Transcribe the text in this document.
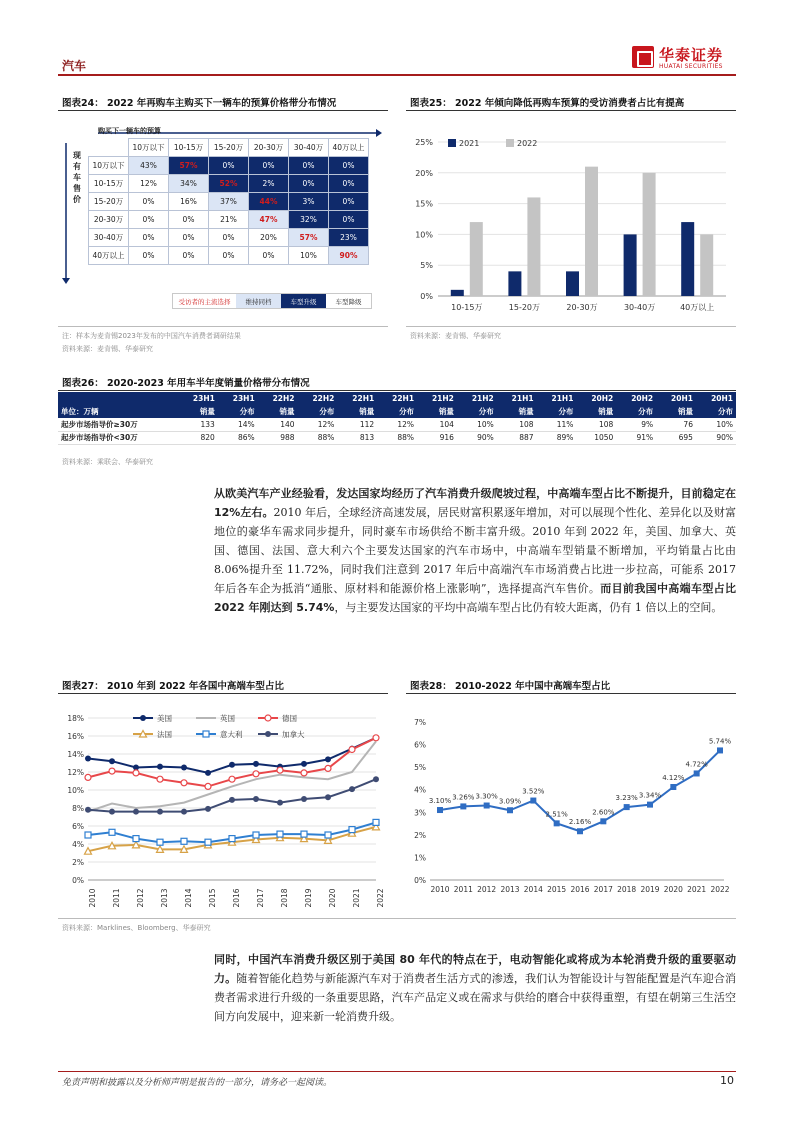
汽车
华泰证券
HUATAI SECURITIES
图表24： 2022 年再购车主购买下一辆车的预算价格带分布情况
购买下一辆车的预算
现有车售价
	10万以下	10-15万	15-20万	20-30万	30-40万	40万以上
10万以下	43%	57%	0%	0%	0%	0%
10-15万	12%	34%	52%	2%	0%	0%
15-20万	0%	16%	37%	44%	3%	0%
20-30万	0%	0%	21%	47%	32%	0%
30-40万	0%	0%	0%	20%	57%	23%
40万以上	0%	0%	0%	0%	10%	90%
受访者的主流选择	维持同档	车型升级	车型降级
注：样本为麦肯锡2023年发布的中国汽车消费者调研结果
资料来源：麦肯锡、华泰研究
图表25： 2022 年倾向降低再购车预算的受访消费者占比有提高
0%
5%
10%
15%
20%
25%
10-15万	15-20万	20-30万	30-40万	40万以上
2021	2022
资料来源：麦肯锡、华泰研究
图表26： 2020-2023 年用车半年度销量价格带分布情况
	23H1	23H1	22H2	22H2	22H1	22H1	21H2	21H2	21H1	21H1	20H2	20H2	20H1	20H1
单位：万辆	销量	分布	销量	分布	销量	分布	销量	分布	销量	分布	销量	分布	销量	分布
起步市场指导价≥30万	133	14%	140	12%	112	12%	104	10%	108	11%	108	9%	76	10%
起步市场指导价<30万	820	86%	988	88%	813	88%	916	90%	887	89%	1050	91%	695	90%
资料来源：乘联会、华泰研究

从欧美汽车产业经验看，发达国家均经历了汽车消费升级爬坡过程，中高端车型占比不断提升，目前稳定在 12%左右。2010 年后，全球经济高速发展，居民财富积累逐年增加，对可以展现个性化、差异化以及财富地位的豪华车需求同步提升，同时豪车市场供给不断丰富升级。2010 年到 2022 年，美国、加拿大、英国、德国、法国、意大利六个主要发达国家的汽车市场中，中高端车型销量不断增加，平均销量占比由 8.06%提升至 11.72%，同时我们注意到 2017 年后中高端汽车市场消费占比进一步拉高，可能系 2017 年后各车企为抵消“通胀、原材料和能源价格上涨影响”，选择提高汽车售价。而目前我国中高端车型占比 2022 年刚达到 5.74%，与主要发达国家的平均中高端车型占比仍有较大距离，仍有 1 倍以上的空间。

图表27： 2010 年到 2022 年各国中高端车型占比
0%
2%
4%
6%
8%
10%
12%
14%
16%
18%
2010 2011 2012 2013 2014 2015 2016 2017 2018 2019 2020 2021 2022
美国	英国	德国
法国	意大利	加拿大
资料来源：Marklines、Bloomberg、华泰研究
图表28： 2010-2022 年中国中高端车型占比
0%
1%
2%
3%
4%
5%
6%
7%
2010 2011 2012 2013 2014 2015 2016 2017 2018 2019 2020 2021 2022
3.10% 3.26% 3.30%
3.09%
3.52%
2.51%
2.16%
2.60%
3.23% 3.34%
4.12%
4.72%
5.74%

同时，中国汽车消费升级区别于美国 80 年代的特点在于，电动智能化或将成为本轮消费升级的重要驱动力。随着智能化趋势与新能源汽车对于消费者生活方式的渗透，我们认为智能设计与智能配置是汽车迎合消费者需求进行升级的一条重要思路，汽车产品定义或在需求与供给的磨合中获得重塑，有望在朝第三生活空间方向发展中，迎来新一轮消费升级。

免责声明和披露以及分析师声明是报告的一部分，请务必一起阅读。	10
